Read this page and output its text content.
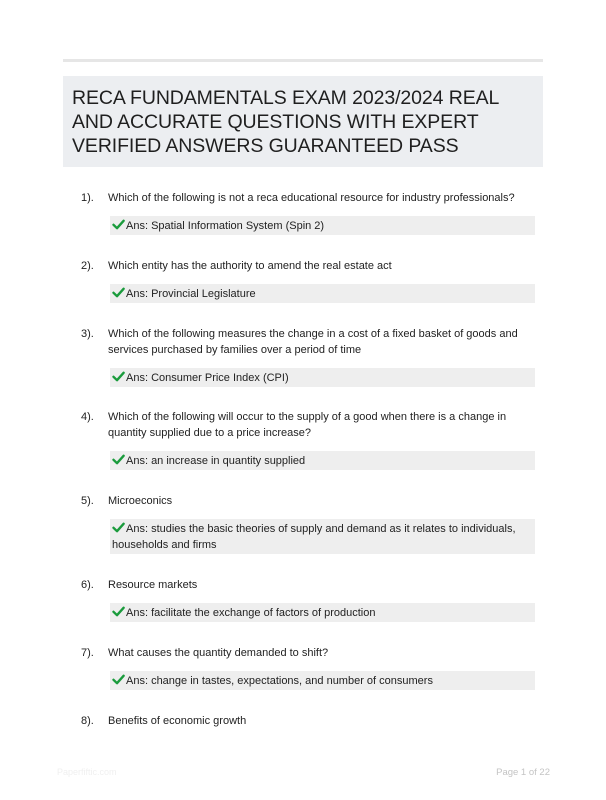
RECA FUNDAMENTALS EXAM 2023/2024 REAL
AND ACCURATE QUESTIONS WITH EXPERT
VERIFIED ANSWERS GUARANTEED PASS
1). Which of the following is not a reca educational resource for industry professionals?
Ans: Spatial Information System (Spin 2)
2). Which entity has the authority to amend the real estate act
Ans: Provincial Legislature
3). Which of the following measures the change in a cost of a fixed basket of goods and services purchased by families over a period of time
Ans: Consumer Price Index (CPI)
4). Which of the following will occur to the supply of a good when there is a change in quantity supplied due to a price increase?
Ans: an increase in quantity supplied
5). Microeconics
Ans: studies the basic theories of supply and demand as it relates to individuals, households and firms
6). Resource markets
Ans: facilitate the exchange of factors of production
7). What causes the quantity demanded to shift?
Ans: change in tastes, expectations, and number of consumers
8). Benefits of economic growth
Paperfiftic.com	Page 1 of 22
